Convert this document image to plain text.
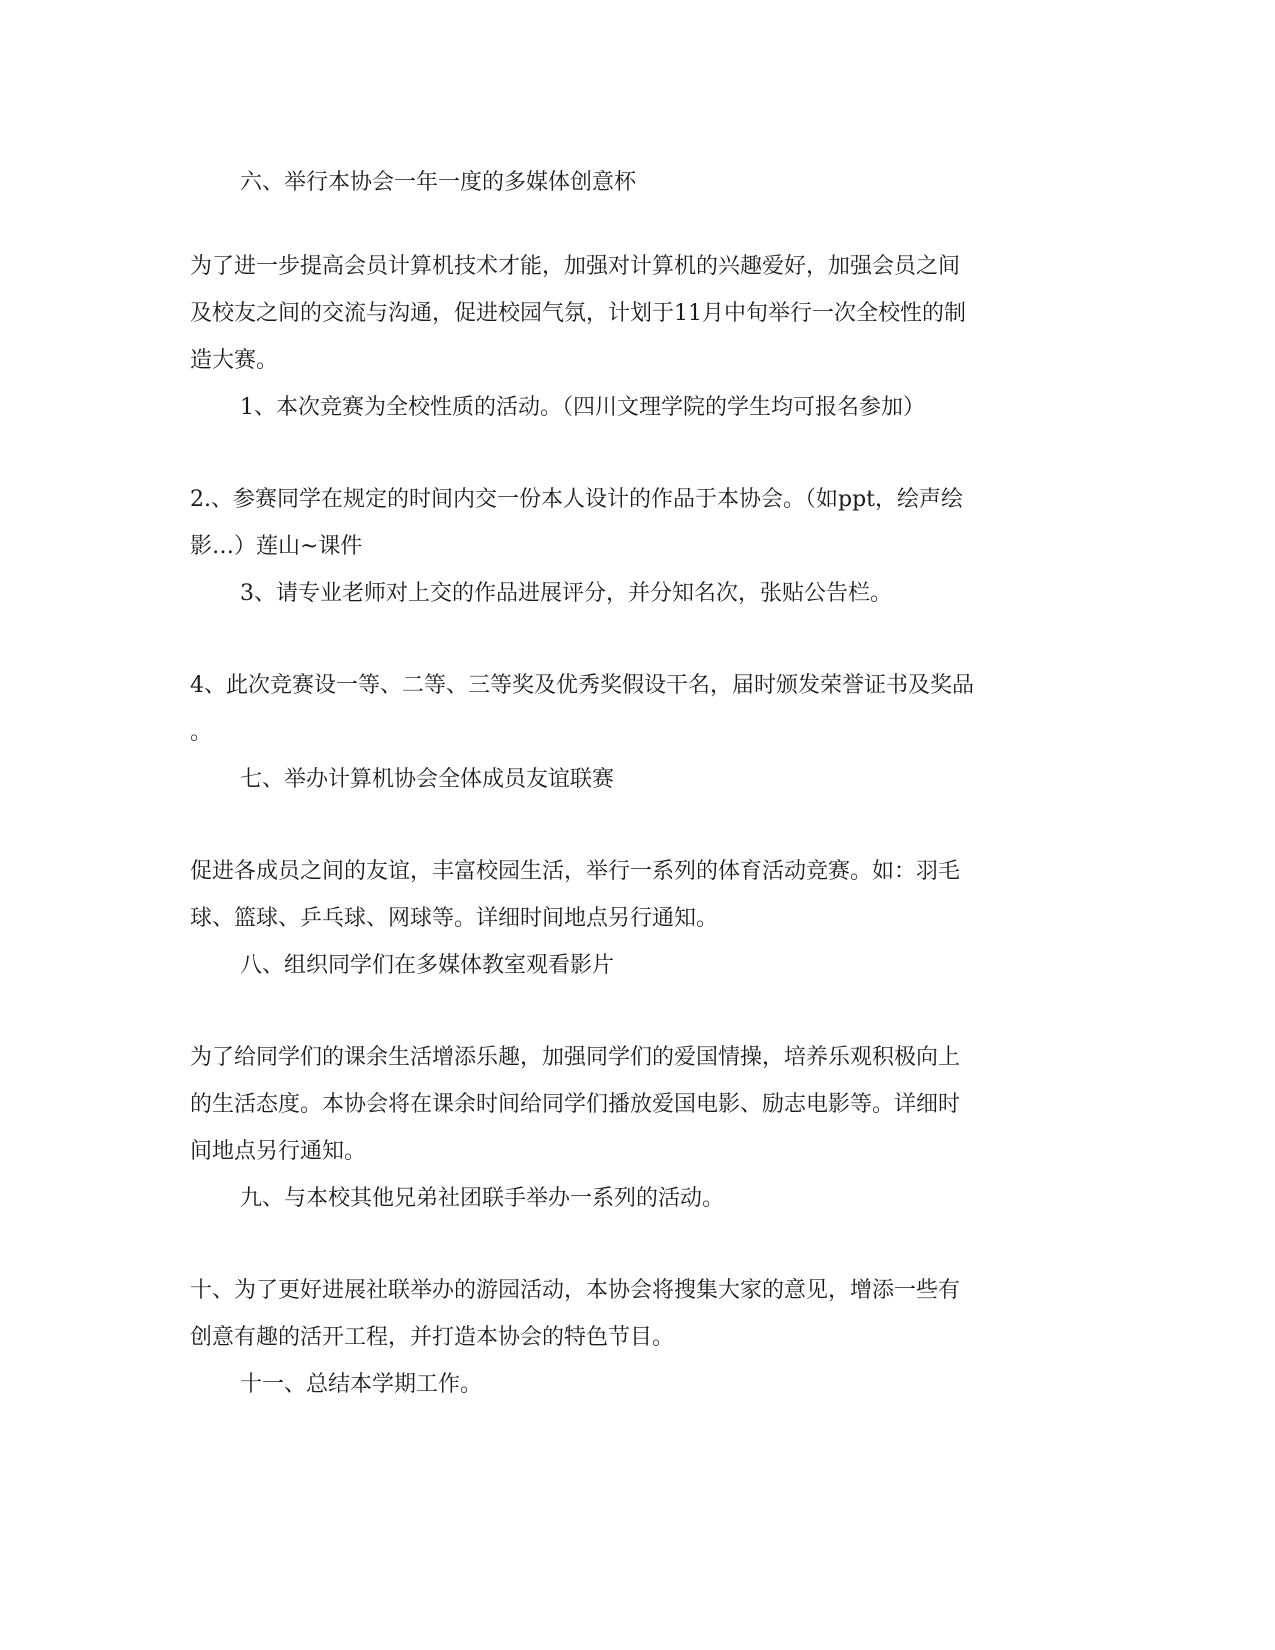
六、举行本协会一年一度的多媒体创意杯
为了进一步提高会员计算机技术才能，加强对计算机的兴趣爱好，加强会员之间
及校友之间的交流与沟通，促进校园气氛，计划于11月中旬举行一次全校性的制
造大赛。
1、本次竞赛为全校性质的活动。（四川文理学院的学生均可报名参加）
2.、参赛同学在规定的时间内交一份本人设计的作品于本协会。（如ppt，绘声绘
影…）莲山~课件
3、请专业老师对上交的作品进展评分，并分知名次，张贴公告栏。
4、此次竞赛设一等、二等、三等奖及优秀奖假设干名，届时颁发荣誉证书及奖品
。
七、举办计算机协会全体成员友谊联赛
促进各成员之间的友谊，丰富校园生活，举行一系列的体育活动竞赛。如：羽毛
球、篮球、乒乓球、网球等。详细时间地点另行通知。
八、组织同学们在多媒体教室观看影片
为了给同学们的课余生活增添乐趣，加强同学们的爱国情操，培养乐观积极向上
的生活态度。本协会将在课余时间给同学们播放爱国电影、励志电影等。详细时
间地点另行通知。
九、与本校其他兄弟社团联手举办一系列的活动。
十、为了更好进展社联举办的游园活动，本协会将搜集大家的意见，增添一些有
创意有趣的活开工程，并打造本协会的特色节目。
十一、总结本学期工作。
